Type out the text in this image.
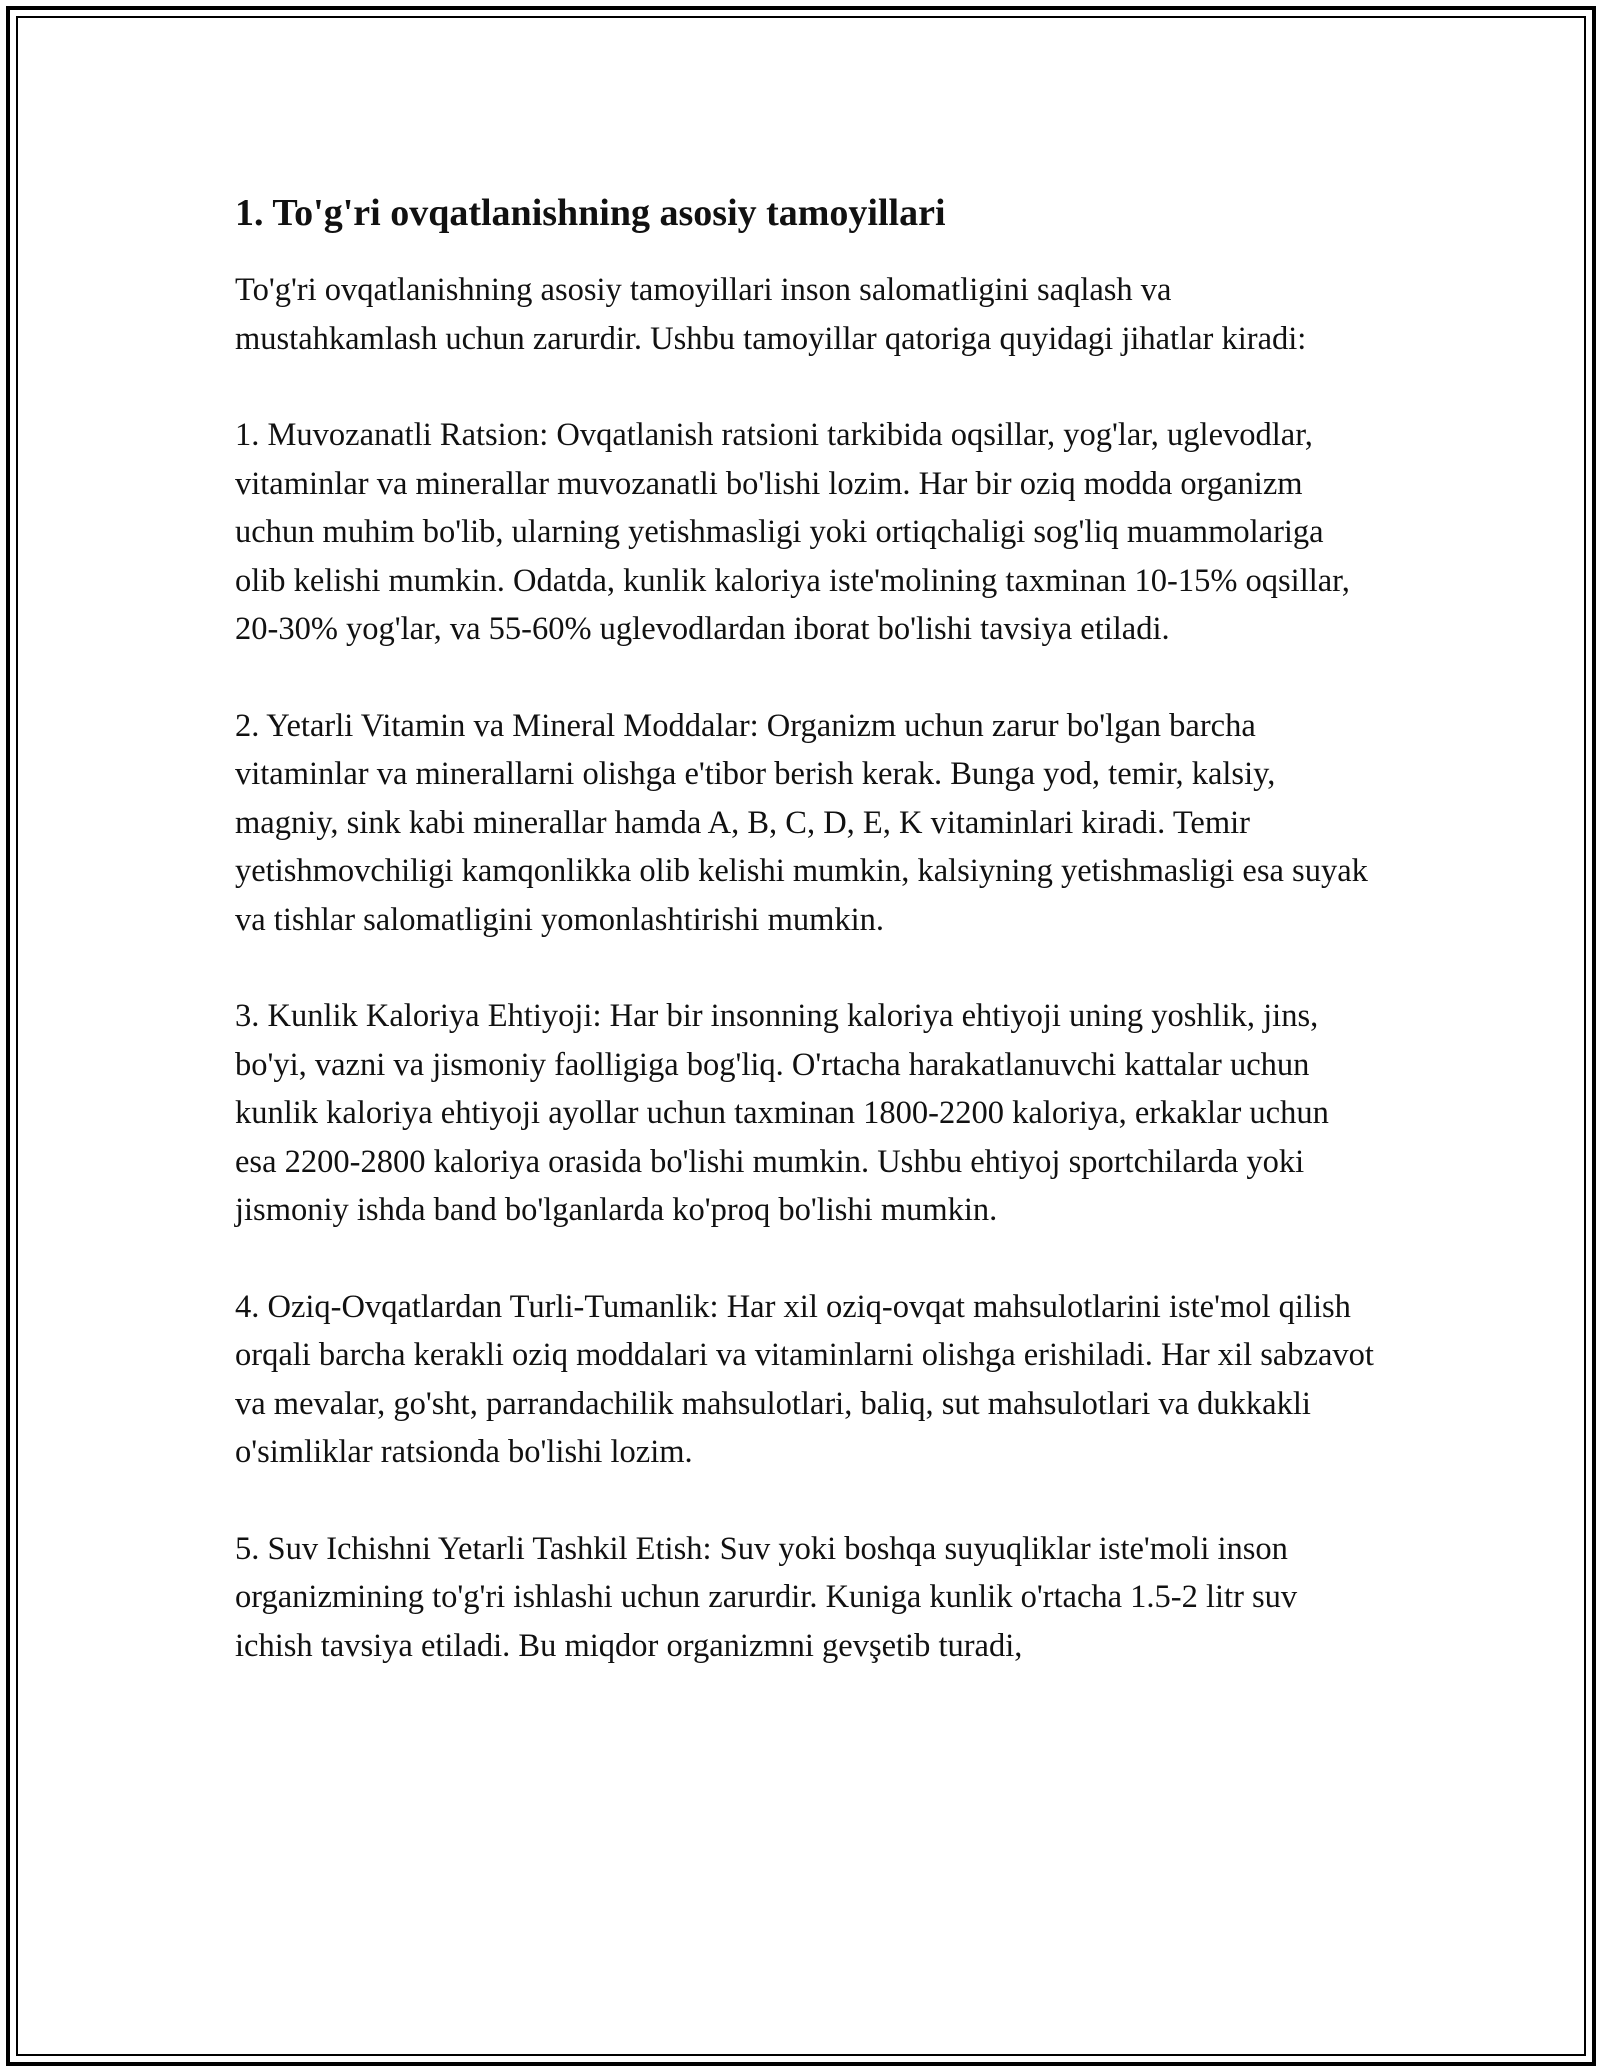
1. To'g'ri ovqatlanishning asosiy tamoyillari

To'g'ri ovqatlanishning asosiy tamoyillari inson salomatligini saqlash va mustahkamlash uchun zarurdir. Ushbu tamoyillar qatoriga quyidagi jihatlar kiradi:

1. Muvozanatli Ratsion: Ovqatlanish ratsioni tarkibida oqsillar, yog'lar, uglevodlar, vitaminlar va minerallar muvozanatli bo'lishi lozim. Har bir oziq modda organizm uchun muhim bo'lib, ularning yetishmasligi yoki ortiqchaligi sog'liq muammolariga olib kelishi mumkin. Odatda, kunlik kaloriya iste'molining taxminan 10-15% oqsillar, 20-30% yog'lar, va 55-60% uglevodlardan iborat bo'lishi tavsiya etiladi.

2. Yetarli Vitamin va Mineral Moddalar: Organizm uchun zarur bo'lgan barcha vitaminlar va minerallarni olishga e'tibor berish kerak. Bunga yod, temir, kalsiy, magniy, sink kabi minerallar hamda A, B, C, D, E, K vitaminlari kiradi. Temir yetishmovchiligi kamqonlikka olib kelishi mumkin, kalsiyning yetishmasligi esa suyak va tishlar salomatligini yomonlashtirishi mumkin.

3. Kunlik Kaloriya Ehtiyoji: Har bir insonning kaloriya ehtiyoji uning yoshlik, jins, bo'yi, vazni va jismoniy faolligiga bog'liq. O'rtacha harakatlanuvchi kattalar uchun kunlik kaloriya ehtiyoji ayollar uchun taxminan 1800-2200 kaloriya, erkaklar uchun esa 2200-2800 kaloriya orasida bo'lishi mumkin. Ushbu ehtiyoj sportchilarda yoki jismoniy ishda band bo'lganlarda ko'proq bo'lishi mumkin.

4. Oziq-Ovqatlardan Turli-Tumanlik: Har xil oziq-ovqat mahsulotlarini iste'mol qilish orqali barcha kerakli oziq moddalari va vitaminlarni olishga erishiladi. Har xil sabzavot va mevalar, go'sht, parrandachilik mahsulotlari, baliq, sut mahsulotlari va dukkakli o'simliklar ratsionda bo'lishi lozim.

5. Suv Ichishni Yetarli Tashkil Etish: Suv yoki boshqa suyuqliklar iste'moli inson organizmining to'g'ri ishlashi uchun zarurdir. Kuniga kunlik o'rtacha 1.5-2 litr suv ichish tavsiya etiladi. Bu miqdor organizmni gevşetib turadi,
